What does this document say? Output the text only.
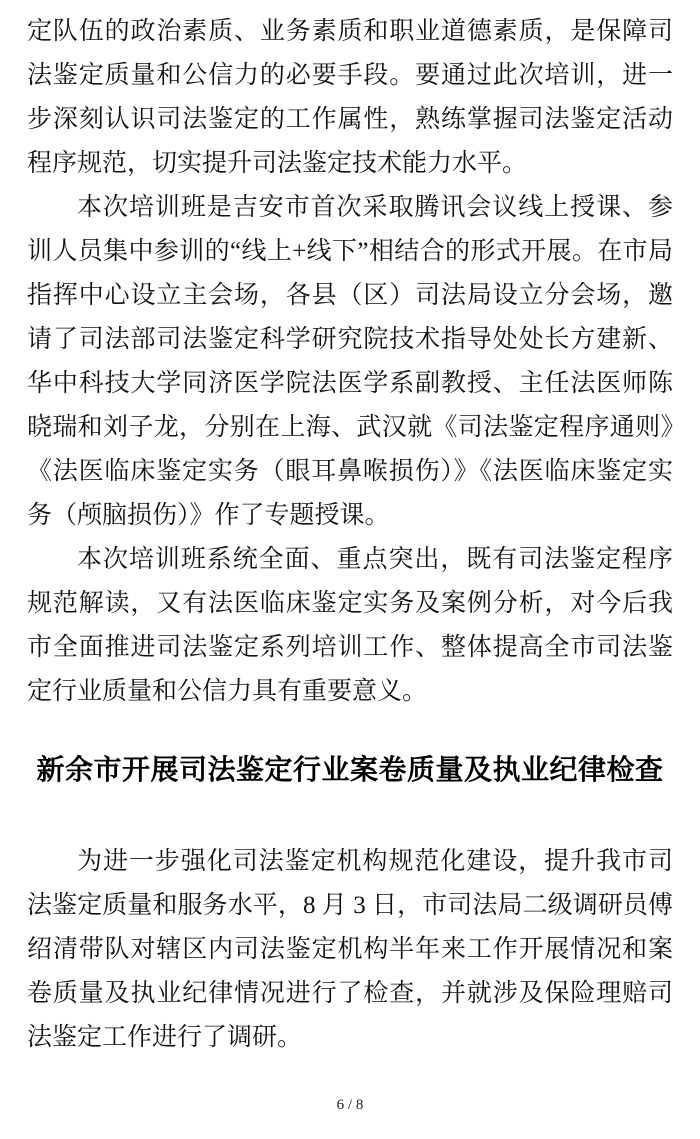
定队伍的政治素质、业务素质和职业道德素质，是保障司法鉴定质量和公信力的必要手段。要通过此次培训，进一步深刻认识司法鉴定的工作属性，熟练掌握司法鉴定活动程序规范，切实提升司法鉴定技术能力水平。

本次培训班是吉安市首次采取腾讯会议线上授课、参训人员集中参训的“线上+线下”相结合的形式开展。在市局指挥中心设立主会场，各县（区）司法局设立分会场，邀请了司法部司法鉴定科学研究院技术指导处处长方建新、华中科技大学同济医学院法医学系副教授、主任法医师陈晓瑞和刘子龙，分别在上海、武汉就《司法鉴定程序通则》《法医临床鉴定实务（眼耳鼻喉损伤）》《法医临床鉴定实务（颅脑损伤）》作了专题授课。

本次培训班系统全面、重点突出，既有司法鉴定程序规范解读，又有法医临床鉴定实务及案例分析，对今后我市全面推进司法鉴定系列培训工作、整体提高全市司法鉴定行业质量和公信力具有重要意义。

新余市开展司法鉴定行业案卷质量及执业纪律检查

为进一步强化司法鉴定机构规范化建设，提升我市司法鉴定质量和服务水平，8 月 3 日，市司法局二级调研员傅绍清带队对辖区内司法鉴定机构半年来工作开展情况和案卷质量及执业纪律情况进行了检查，并就涉及保险理赔司法鉴定工作进行了调研。

6 / 8
